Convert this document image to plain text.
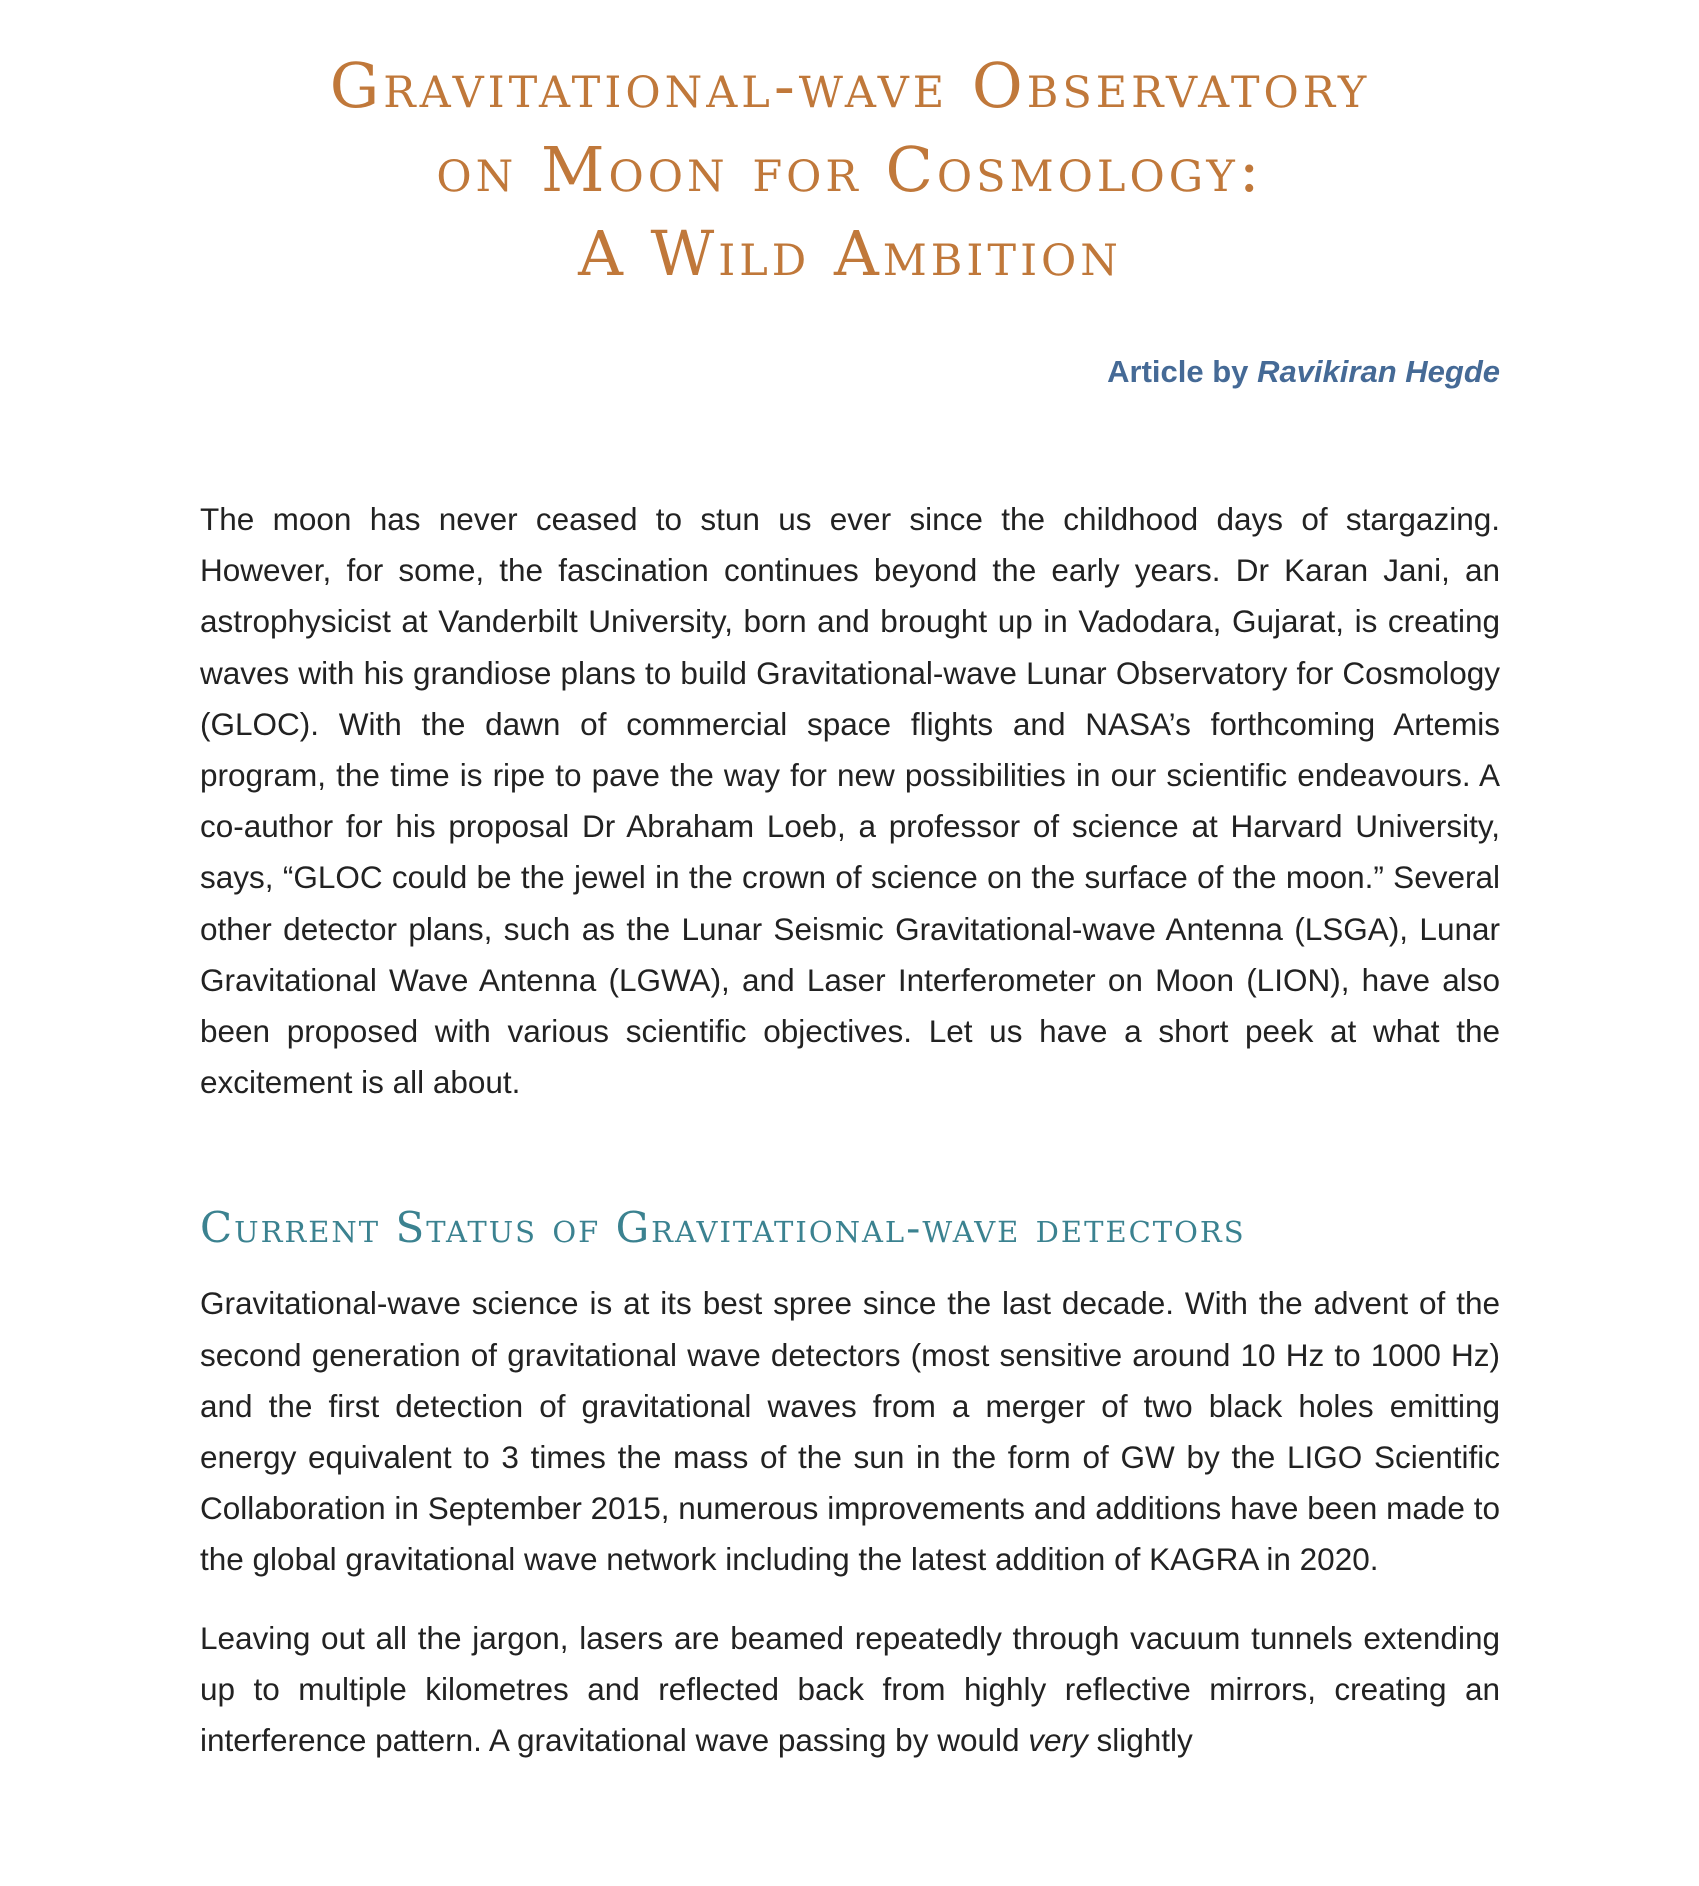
Gravitational-wave Observatory
on Moon for Cosmology:
A Wild Ambition
Article by Ravikiran Hegde

The moon has never ceased to stun us ever since the childhood days of stargazing. However, for some, the fascination continues beyond the early years. Dr Karan Jani, an astrophysicist at Vanderbilt University, born and brought up in Vadodara, Gujarat, is creating waves with his grandiose plans to build Gravitational-wave Lunar Observatory for Cosmology (GLOC). With the dawn of commercial space flights and NASA’s forthcoming Artemis program, the time is ripe to pave the way for new possibilities in our scientific endeavours. A co-author for his proposal Dr Abraham Loeb, a professor of science at Harvard University, says, “GLOC could be the jewel in the crown of science on the surface of the moon.” Several other detector plans, such as the Lunar Seismic Gravitational-wave Antenna (LSGA), Lunar Gravitational Wave Antenna (LGWA), and Laser Interferometer on Moon (LION), have also been proposed with various scientific objectives. Let us have a short peek at what the excitement is all about.

Current Status of Gravitational-wave detectors

Gravitational-wave science is at its best spree since the last decade. With the advent of the second generation of gravitational wave detectors (most sensitive around 10 Hz to 1000 Hz) and the first detection of gravitational waves from a merger of two black holes emitting energy equivalent to 3 times the mass of the sun in the form of GW by the LIGO Scientific Collaboration in September 2015, numerous improvements and additions have been made to the global gravitational wave network including the latest addition of KAGRA in 2020.

Leaving out all the jargon, lasers are beamed repeatedly through vacuum tunnels extending up to multiple kilometres and reflected back from highly reflective mirrors, creating an interference pattern. A gravitational wave passing by would very slightly
